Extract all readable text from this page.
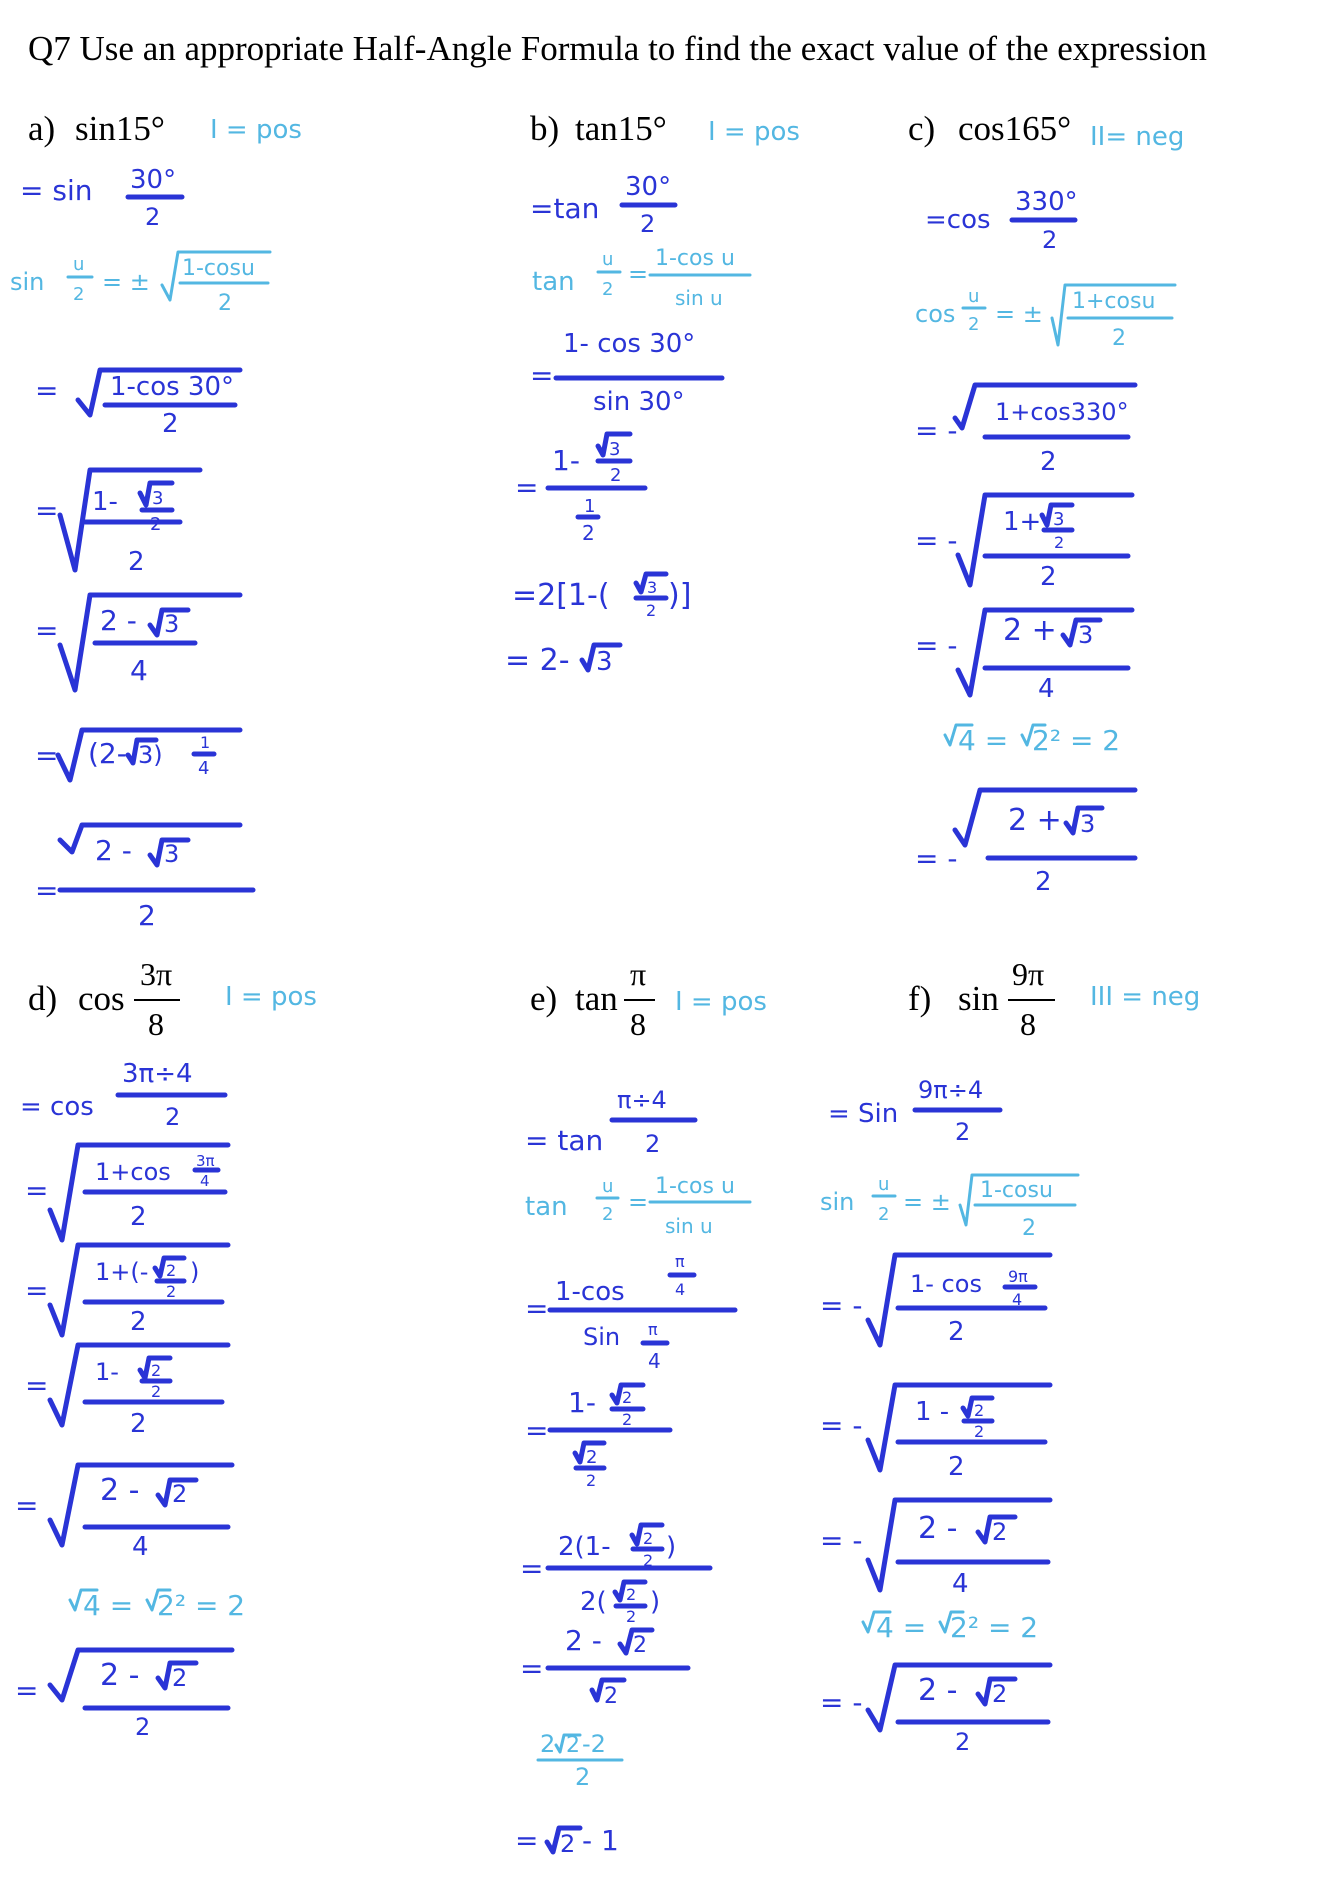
Q7 Use an appropriate Half-Angle Formula to find the exact value of the expression
a) sin15° I = pos
= sin 30°
2
sin
u
2 = ± 1-cosu
2
= 1-cos 30°
2
= 1- 3
2
2
= 2 - 3
4
= (2- 3) 1
4
=
2 - 3
2
b) tan15° I = pos
=tan
30°
2
tan
u
2
=
1-cos u
sin u
1- cos 30°
=
sin 30°
1- 3
2
=
1
2
=2[1-( 3
2 )]
= 2- 3
c) cos165° II= neg
=cos
330°
2
cos
u
2 = ± 1+cosu
2
= -
1+cos330°
2
= -
1+ 3
2
2
= - 2 + 3
4
4 = 2² = 2
= -
2 + 3
2
d) cos
3π
8
I = pos
= cos
3π÷4
2
=
1+cos 3π
4
2
=
1+(- 2
2
)
2
= 1- 2
2
2
= 2 - 2
4
4 = 2² = 2
= 2 - 2
2
e) tan
π
8
I = pos
= tan
π÷4
2
tan
u
2 =
1-cos u
sin u
1-cos
π
4
=
Sin π
4
1- 2
2
=
2
2
2(1- 2
2 )
=
2( 2
2 )
2 - 2
=
2
2 2 -2
2
= 2 - 1
f) sin
9π
8
III = neg
= Sin
9π÷4
2
sin
u
2 = ± 1-cosu
2
= -
1- cos 9π
4
2
= - 1 - 2
2
2
= - 2 - 2
4
4 = 2² = 2
= - 2 - 2
2
